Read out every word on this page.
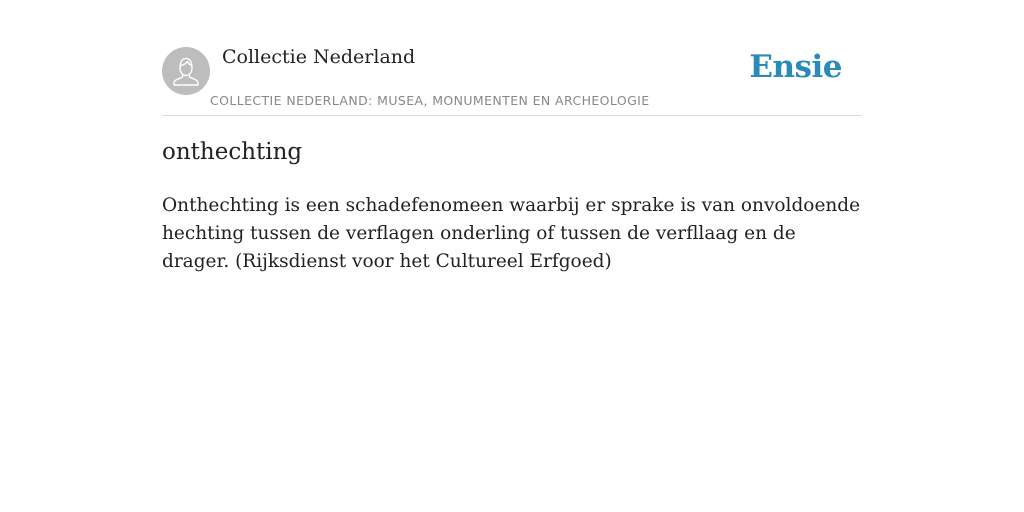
Collectie Nederland
COLLECTIE NEDERLAND: MUSEA, MONUMENTEN EN ARCHEOLOGIE
Ensie
onthechting

Onthechting is een schadefenomeen waarbij er sprake is van onvoldoende hechting tussen de verflagen onderling of tussen de verfllaag en de drager. (Rijksdienst voor het Cultureel Erfgoed)
